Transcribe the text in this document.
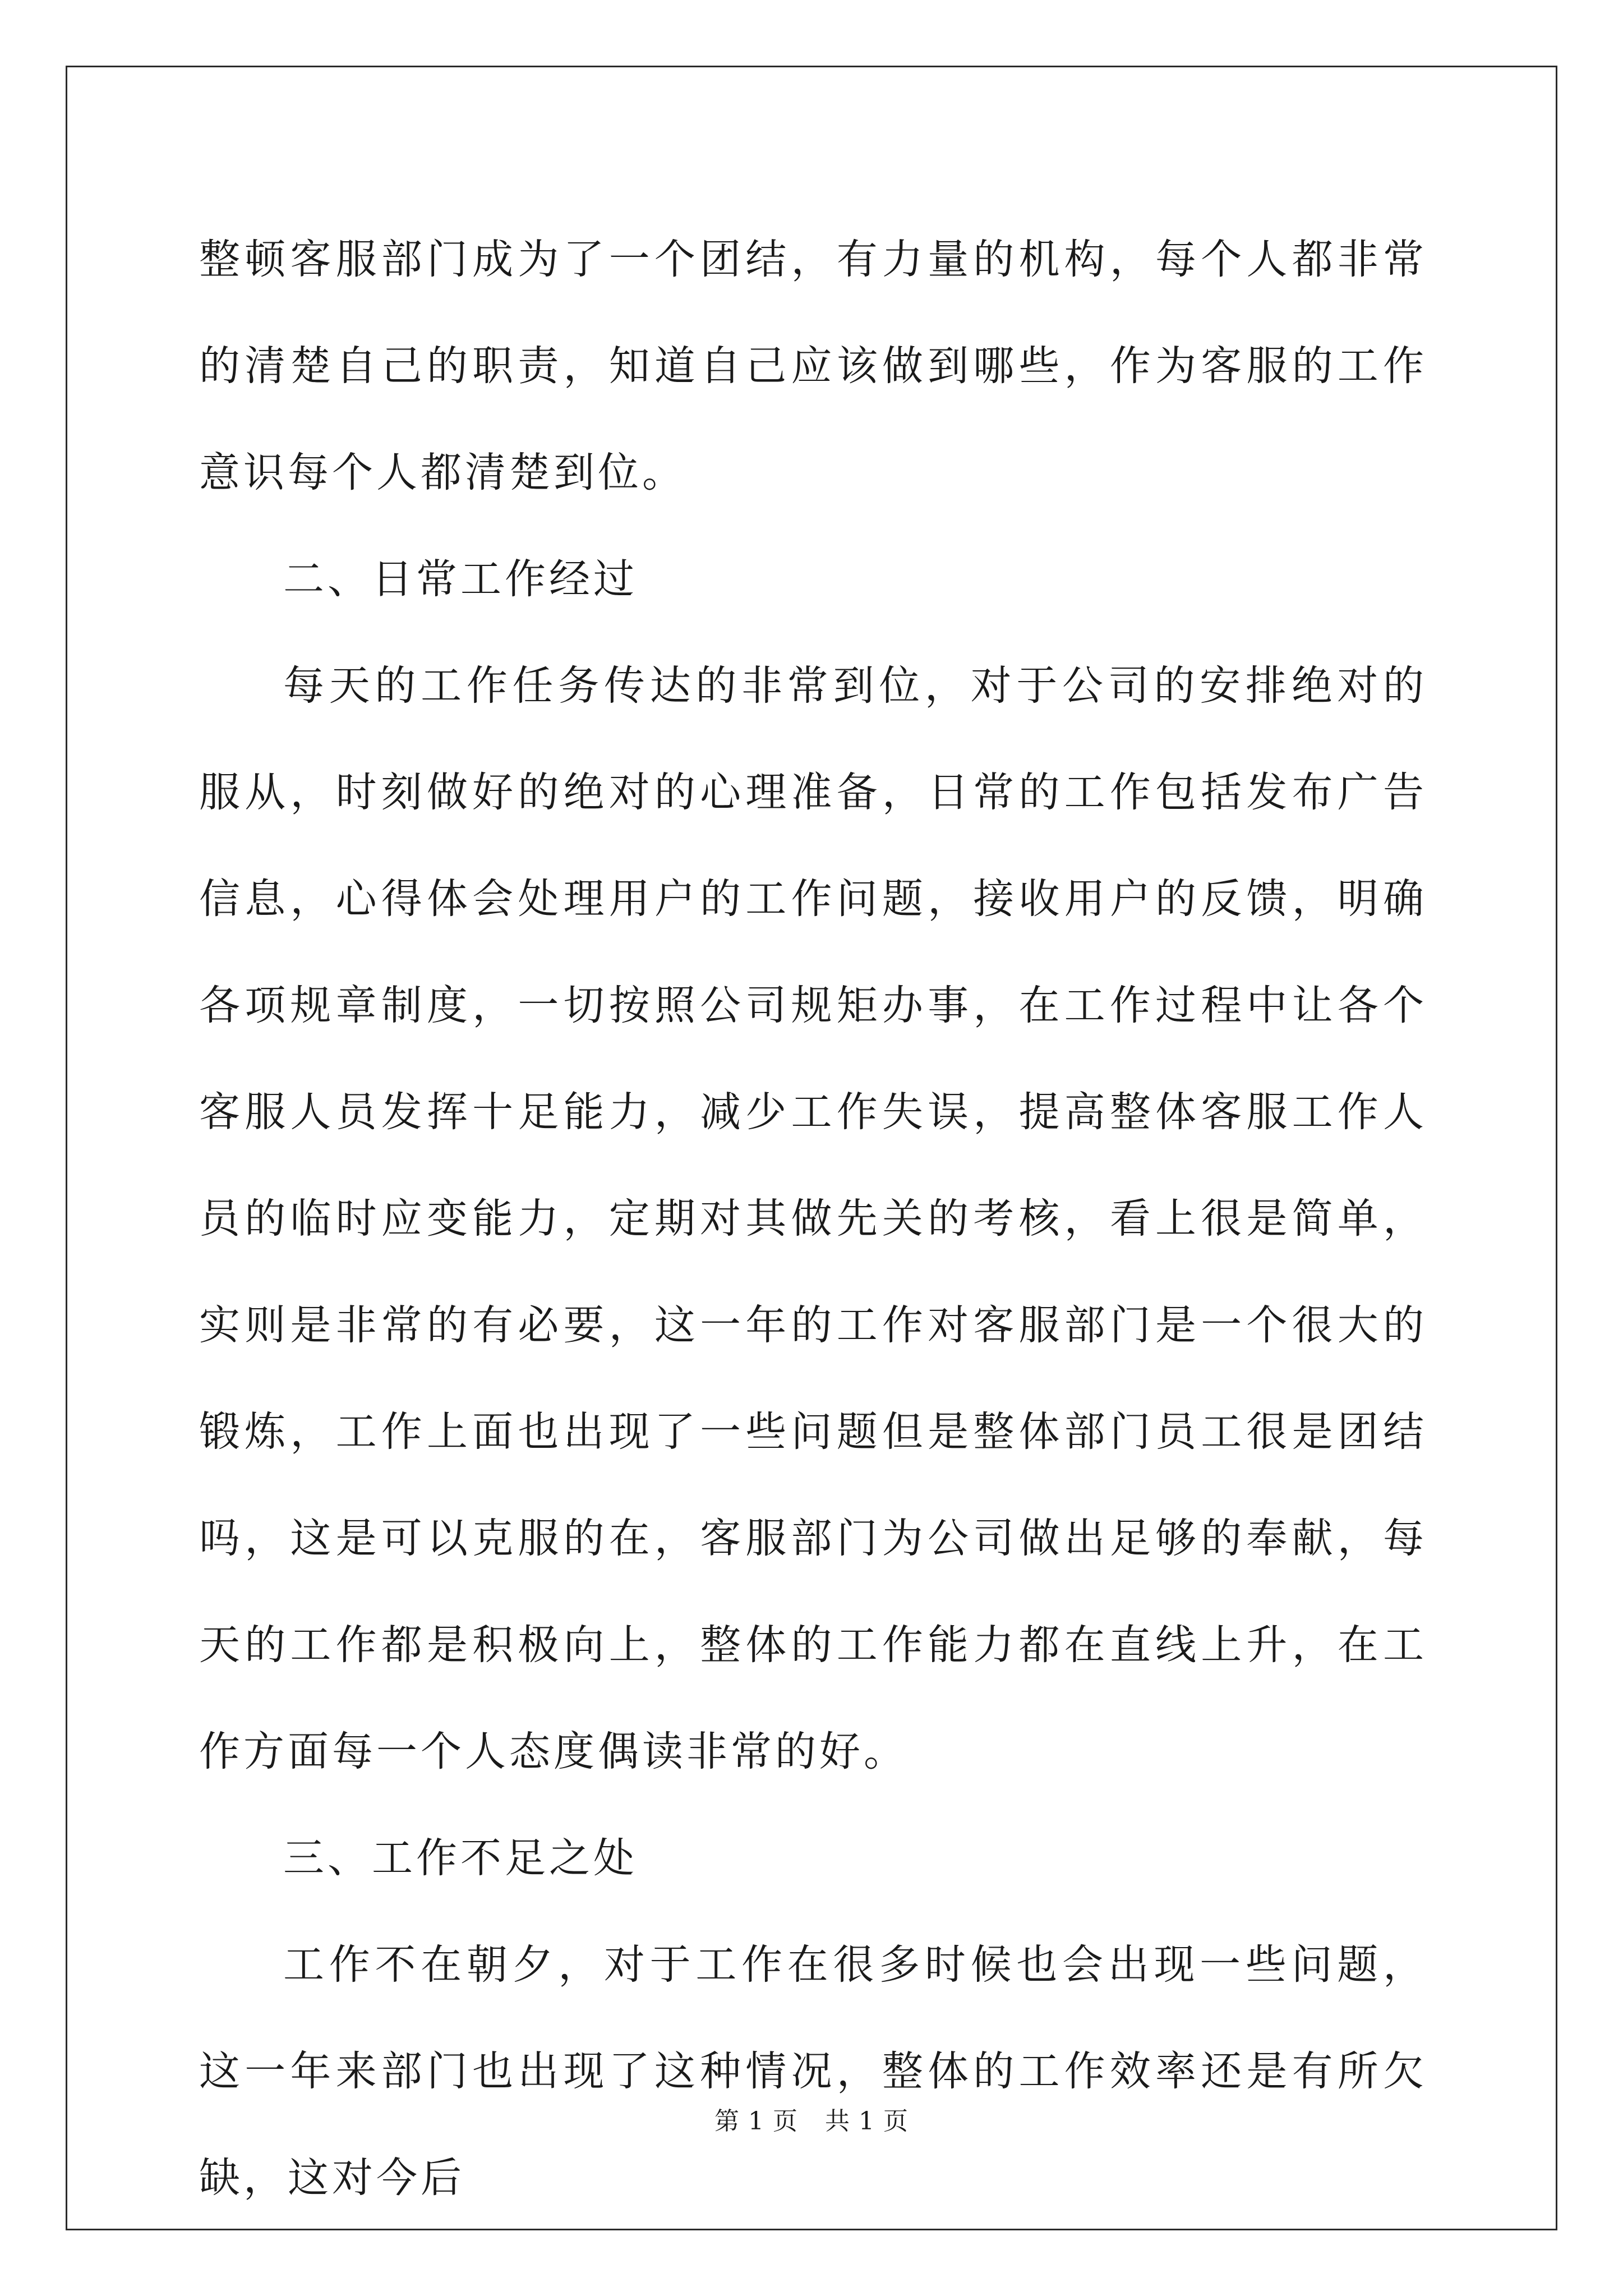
整顿客服部门成为了一个团结，有力量的机构，每个人都非常的清楚自己的职责，知道自己应该做到哪些，作为客服的工作意识每个人都清楚到位。

二、日常工作经过

每天的工作任务传达的非常到位，对于公司的安排绝对的服从，时刻做好的绝对的心理准备，日常的工作包括发布广告信息，心得体会处理用户的工作问题，接收用户的反馈，明确各项规章制度，一切按照公司规矩办事，在工作过程中让各个客服人员发挥十足能力，减少工作失误，提高整体客服工作人员的临时应变能力，定期对其做先关的考核，看上很是简单，实则是非常的有必要，这一年的工作对客服部门是一个很大的锻炼，工作上面也出现了一些问题但是整体部门员工很是团结吗，这是可以克服的在，客服部门为公司做出足够的奉献，每天的工作都是积极向上，整体的工作能力都在直线上升，在工作方面每一个人态度偶读非常的好。

三、工作不足之处

工作不在朝夕，对于工作在很多时候也会出现一些问题，这一年来部门也出现了这种情况，整体的工作效率还是有所欠缺，这对今后

第 1 页 共 1 页
